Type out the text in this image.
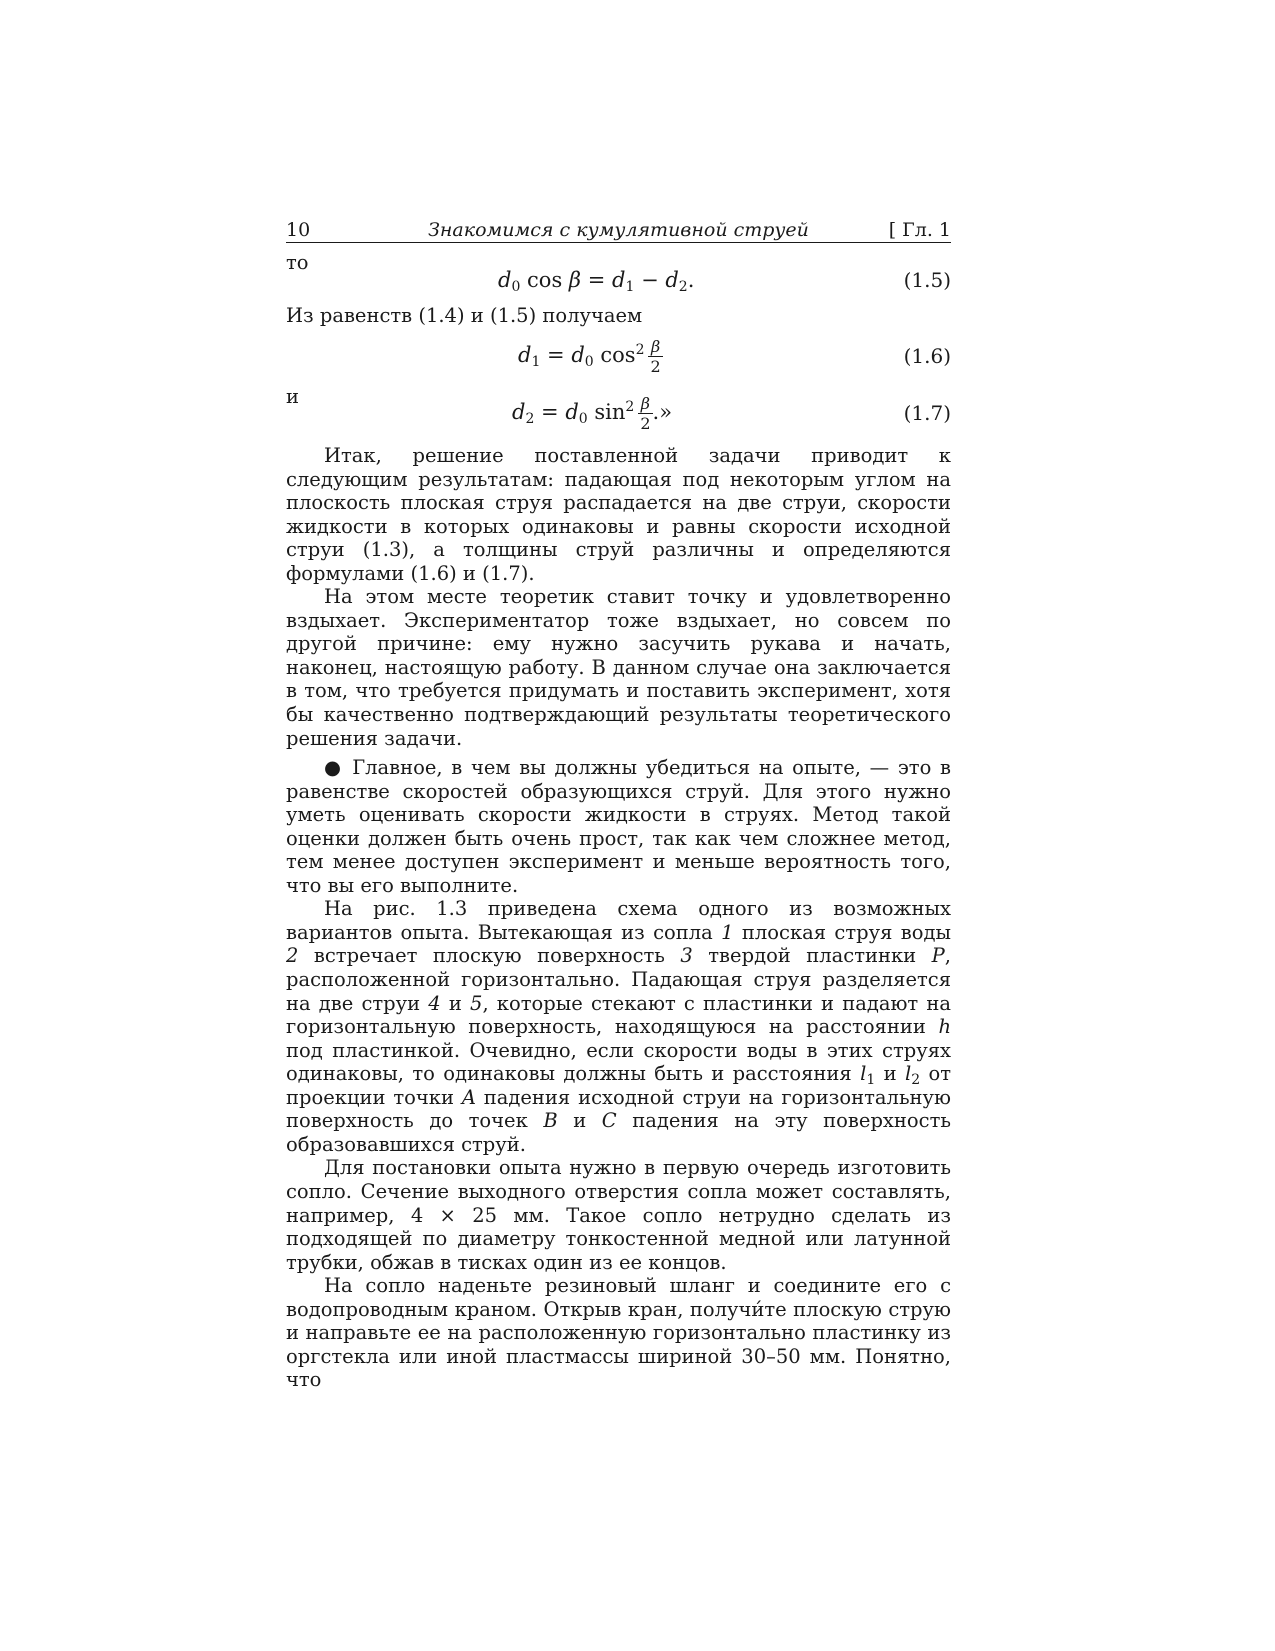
10	Знакомимся с кумулятивной струей	[ Гл. 1
то
$d_0$ $\cos \beta = d_1 - d_2$.	(1.5)
Из равенств (1.4) и (1.5) получаем
$d_1 = d_0$ $\cos^2 \frac{\beta}{2}$	(1.6)
и
$d_2 = d_0$ $\sin^2 \frac{\beta}{2}$ .»	(1.7)

Итак, решение поставленной задачи приводит к следующим результатам: падающая под некоторым углом на плоскость плоская струя распадается на две струи, скорости жидкости в которых одинаковы и равны скорости исходной струи (1.3), а толщины струй различны и определяются формулами (1.6) и (1.7).

На этом месте теоретик ставит точку и удовлетворенно вздыхает. Экспериментатор тоже вздыхает, но совсем по другой причине: ему нужно засучить рукава и начать, наконец, настоящую работу. В данном случае она заключается в том, что требуется придумать и поставить эксперимент, хотя бы качественно подтверждающий результаты теоретического решения задачи.

● Главное, в чем вы должны убедиться на опыте, — это в равенстве скоростей образующихся струй. Для этого нужно уметь оценивать скорости жидкости в струях. Метод такой оценки должен быть очень прост, так как чем сложнее метод, тем менее доступен эксперимент и меньше вероятность того, что вы его выполните.

На рис. 1.3 приведена схема одного из возможных вариантов опыта. Вытекающая из сопла 1 плоская струя воды 2 встречает плоскую поверхность 3 твердой пластинки P, расположенной горизонтально. Падающая струя разделяется на две струи 4 и 5, которые стекают с пластинки и падают на горизонтальную поверхность, находящуюся на расстоянии h под пластинкой. Очевидно, если скорости воды в этих струях одинаковы, то одинаковы должны быть и расстояния $l_1$ и $l_2$ от проекции точки A падения исходной струи на горизонтальную поверхность до точек B и C падения на эту поверхность образовавшихся струй.

Для постановки опыта нужно в первую очередь изготовить сопло. Сечение выходного отверстия сопла может составлять, например, 4 × 25 мм. Такое сопло нетрудно сделать из подходящей по диаметру тонкостенной медной или латунной трубки, обжав в тисках один из ее концов.

На сопло наденьте резиновый шланг и соедините его с водопроводным краном. Открыв кран, получи́те плоскую струю и направьте ее на расположенную горизонтально пластинку из оргстекла или иной пластмассы шириной 30–50 мм. Понятно, что
